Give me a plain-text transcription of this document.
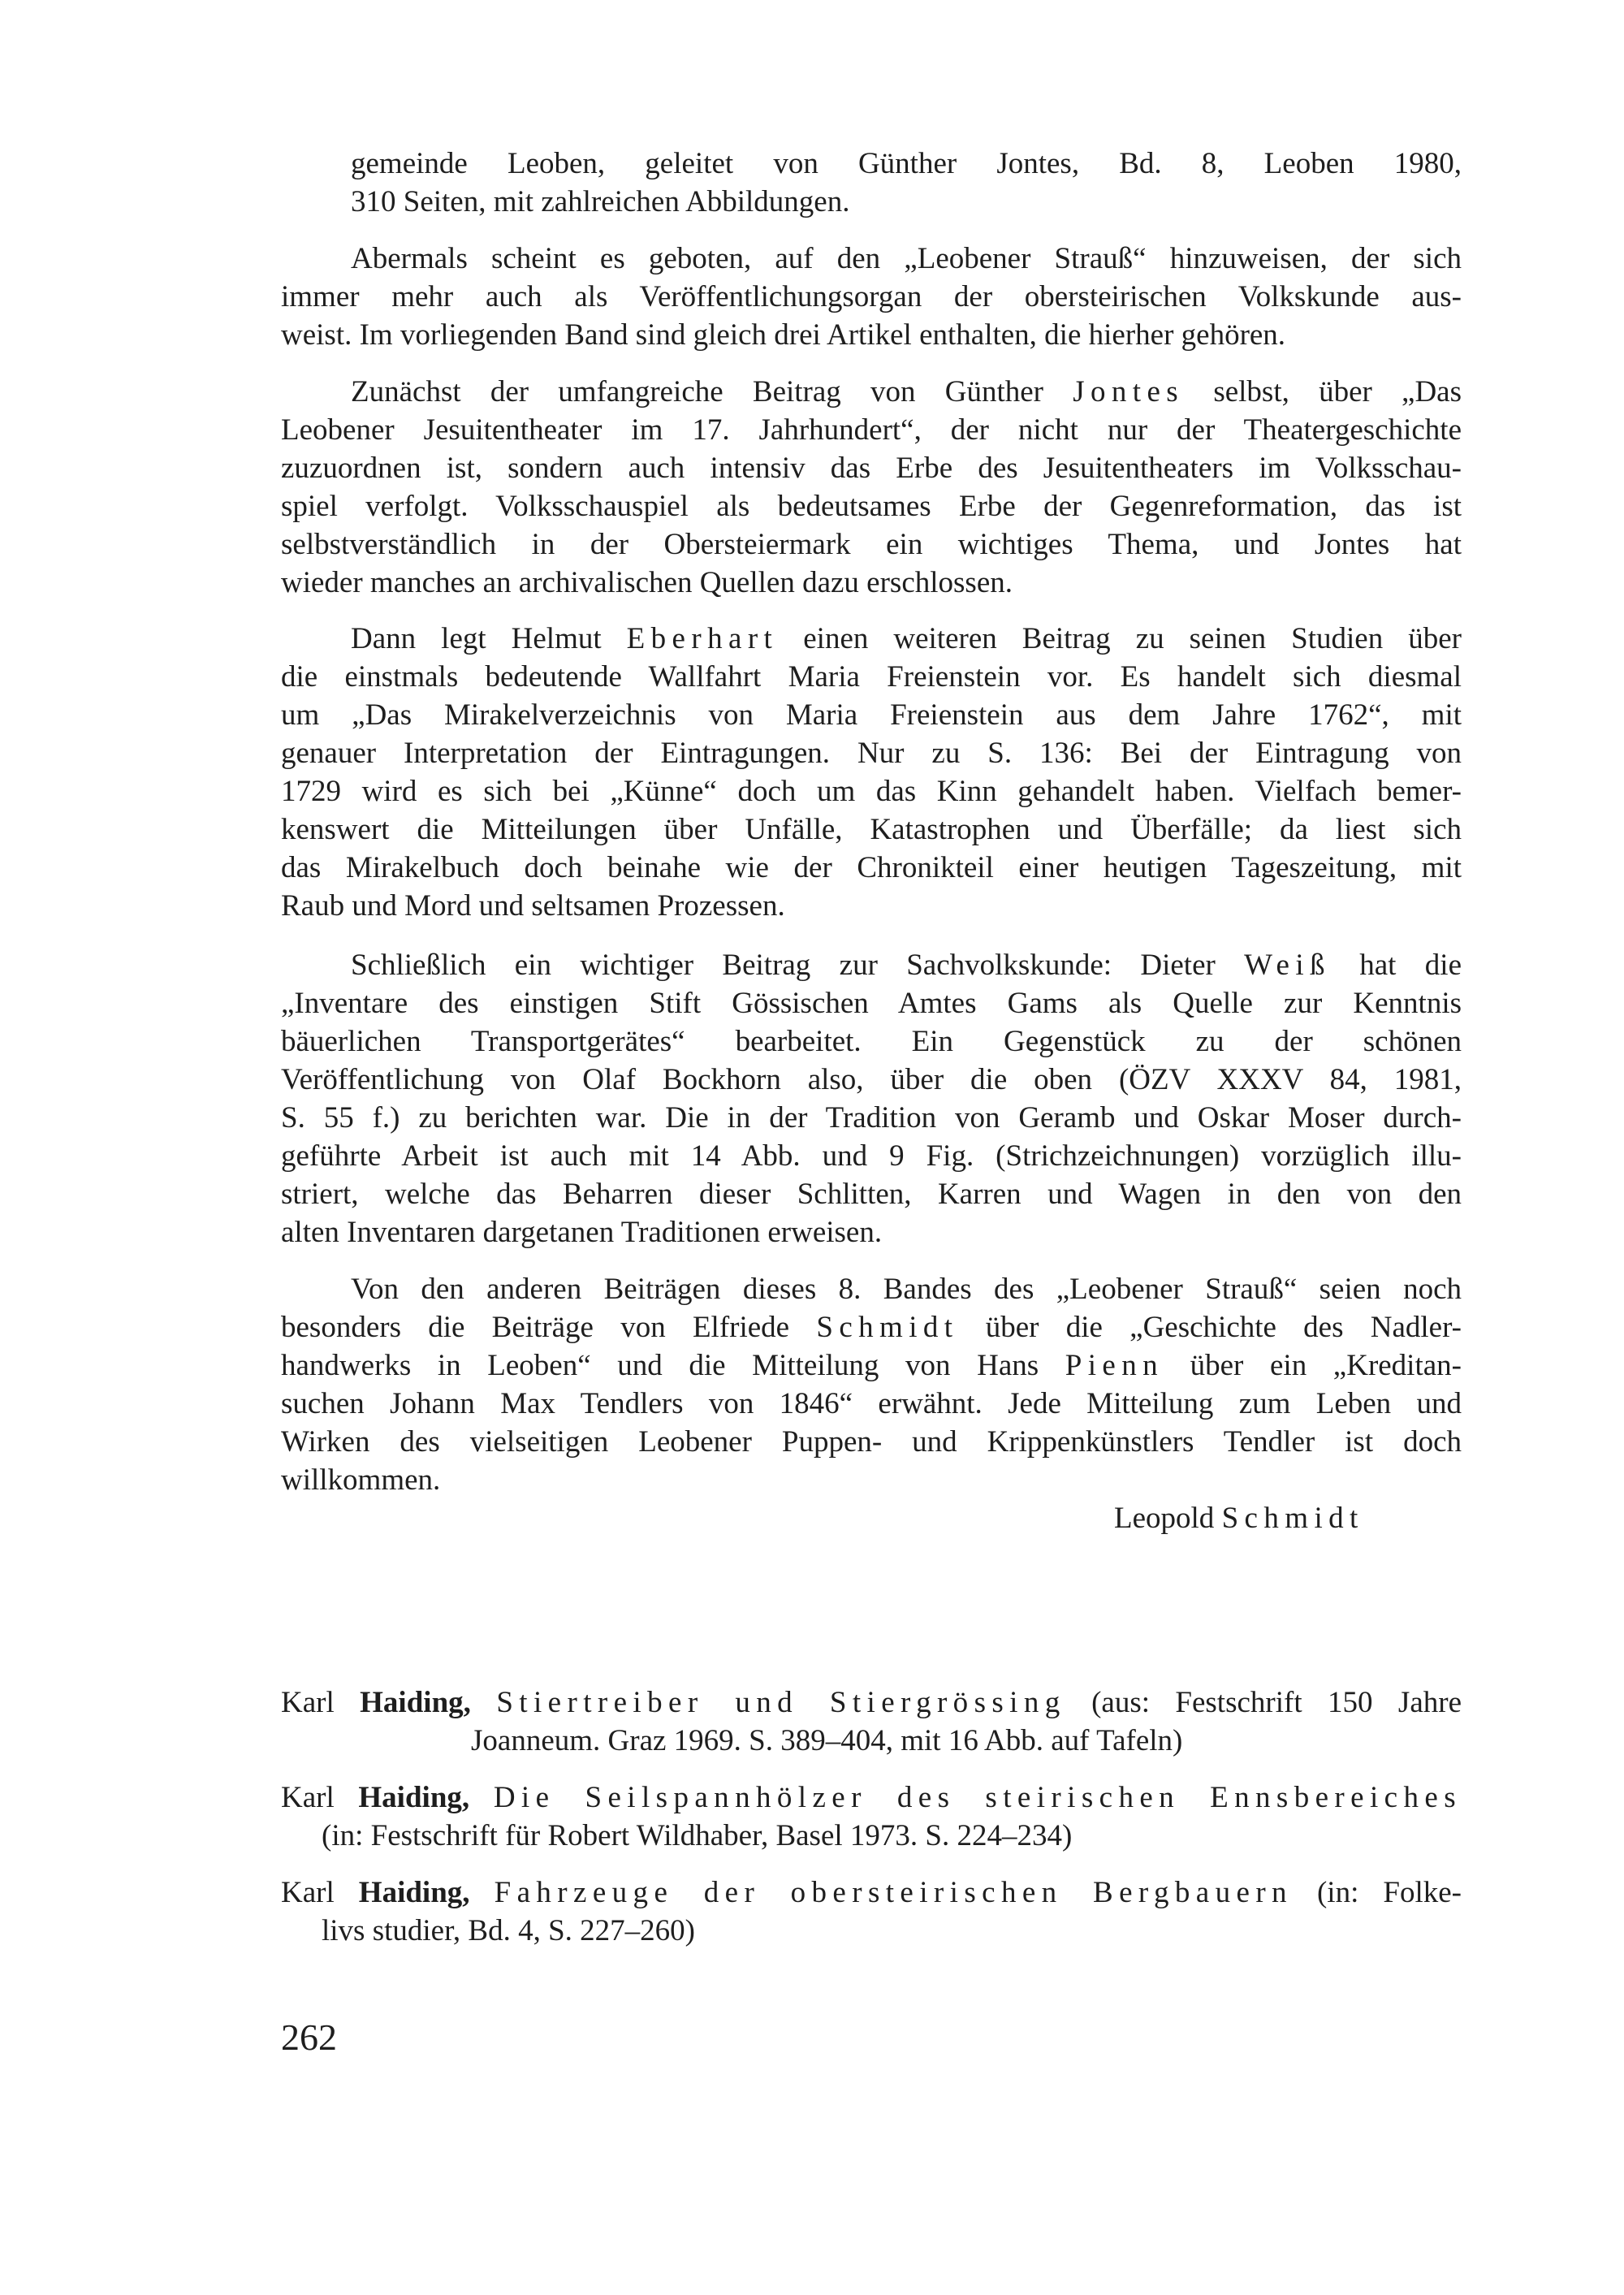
gemeinde Leoben, geleitet von Günther Jontes, Bd. 8, Leoben 1980,
310 Seiten, mit zahlreichen Abbildungen.
Abermals scheint es geboten, auf den „Leobener Strauß“ hinzuweisen, der sich
immer mehr auch als Veröffentlichungsorgan der obersteirischen Volkskunde aus-
weist. Im vorliegenden Band sind gleich drei Artikel enthalten, die hierher gehören.
Zunächst der umfangreiche Beitrag von Günther Jontes selbst, über „Das
Leobener Jesuitentheater im 17. Jahrhundert“, der nicht nur der Theatergeschichte
zuzuordnen ist, sondern auch intensiv das Erbe des Jesuitentheaters im Volksschau-
spiel verfolgt. Volksschauspiel als bedeutsames Erbe der Gegenreformation, das ist
selbstverständlich in der Obersteiermark ein wichtiges Thema, und Jontes hat
wieder manches an archivalischen Quellen dazu erschlossen.
Dann legt Helmut Eberhart einen weiteren Beitrag zu seinen Studien über
die einstmals bedeutende Wallfahrt Maria Freienstein vor. Es handelt sich diesmal
um „Das Mirakelverzeichnis von Maria Freienstein aus dem Jahre 1762“, mit
genauer Interpretation der Eintragungen. Nur zu S. 136: Bei der Eintragung von
1729 wird es sich bei „Künne“ doch um das Kinn gehandelt haben. Vielfach bemer-
kenswert die Mitteilungen über Unfälle, Katastrophen und Überfälle; da liest sich
das Mirakelbuch doch beinahe wie der Chronikteil einer heutigen Tageszeitung, mit
Raub und Mord und seltsamen Prozessen.
Schließlich ein wichtiger Beitrag zur Sachvolkskunde: Dieter Weiß hat die
„Inventare des einstigen Stift Gössischen Amtes Gams als Quelle zur Kenntnis
bäuerlichen Transportgerätes“ bearbeitet. Ein Gegenstück zu der schönen
Veröffentlichung von Olaf Bockhorn also, über die oben (ÖZV XXXV 84, 1981,
S. 55 f.) zu berichten war. Die in der Tradition von Geramb und Oskar Moser durch-
geführte Arbeit ist auch mit 14 Abb. und 9 Fig. (Strichzeichnungen) vorzüglich illu-
striert, welche das Beharren dieser Schlitten, Karren und Wagen in den von den
alten Inventaren dargetanen Traditionen erweisen.
Von den anderen Beiträgen dieses 8. Bandes des „Leobener Strauß“ seien noch
besonders die Beiträge von Elfriede Schmidt über die „Geschichte des Nadler-
handwerks in Leoben“ und die Mitteilung von Hans Pienn über ein „Kreditan-
suchen Johann Max Tendlers von 1846“ erwähnt. Jede Mitteilung zum Leben und
Wirken des vielseitigen Leobener Puppen- und Krippenkünstlers Tendler ist doch
willkommen.
Leopold Schmidt
Karl Haiding, Stiertreiber und Stiergrössing (aus: Festschrift 150 Jahre
Joanneum. Graz 1969. S. 389–404, mit 16 Abb. auf Tafeln)
Karl Haiding, Die Seilspannhölzer des steirischen Ennsbereiches
(in: Festschrift für Robert Wildhaber, Basel 1973. S. 224–234)
Karl Haiding, Fahrzeuge der obersteirischen Bergbauern (in: Folke-
livs studier, Bd. 4, S. 227–260)
262
